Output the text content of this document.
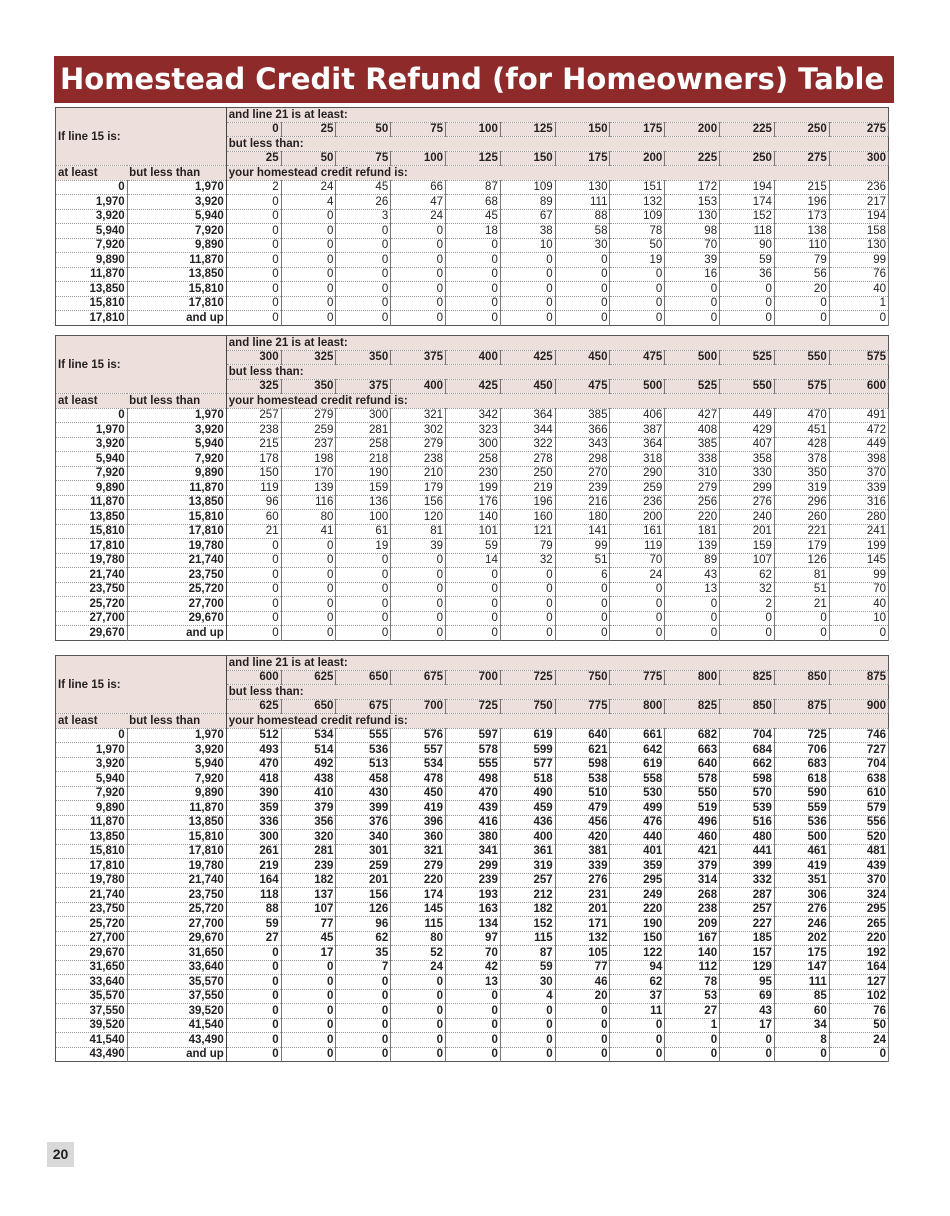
Homestead Credit Refund (for Homeowners) Table
If line 15 is:		and line 21 is at least:											
		0	25	50	75	100	125	150	175	200	225	250	275
		but less than:											
		25	50	75	100	125	150	175	200	225	250	275	300
at least	but less than	your homestead credit refund is:											
0	1,970	2	24	45	66	87	109	130	151	172	194	215	236
1,970	3,920	0	4	26	47	68	89	111	132	153	174	196	217
3,920	5,940	0	0	3	24	45	67	88	109	130	152	173	194
5,940	7,920	0	0	0	0	18	38	58	78	98	118	138	158
7,920	9,890	0	0	0	0	0	10	30	50	70	90	110	130
9,890	11,870	0	0	0	0	0	0	0	19	39	59	79	99
11,870	13,850	0	0	0	0	0	0	0	0	16	36	56	76
13,850	15,810	0	0	0	0	0	0	0	0	0	0	20	40
15,810	17,810	0	0	0	0	0	0	0	0	0	0	0	1
17,810	and up	0	0	0	0	0	0	0	0	0	0	0	0
If line 15 is:		and line 21 is at least:											
		300	325	350	375	400	425	450	475	500	525	550	575
		but less than:											
		325	350	375	400	425	450	475	500	525	550	575	600
at least	but less than	your homestead credit refund is:											
0	1,970	257	279	300	321	342	364	385	406	427	449	470	491
1,970	3,920	238	259	281	302	323	344	366	387	408	429	451	472
3,920	5,940	215	237	258	279	300	322	343	364	385	407	428	449
5,940	7,920	178	198	218	238	258	278	298	318	338	358	378	398
7,920	9,890	150	170	190	210	230	250	270	290	310	330	350	370
9,890	11,870	119	139	159	179	199	219	239	259	279	299	319	339
11,870	13,850	96	116	136	156	176	196	216	236	256	276	296	316
13,850	15,810	60	80	100	120	140	160	180	200	220	240	260	280
15,810	17,810	21	41	61	81	101	121	141	161	181	201	221	241
17,810	19,780	0	0	19	39	59	79	99	119	139	159	179	199
19,780	21,740	0	0	0	0	14	32	51	70	89	107	126	145
21,740	23,750	0	0	0	0	0	0	6	24	43	62	81	99
23,750	25,720	0	0	0	0	0	0	0	0	13	32	51	70
25,720	27,700	0	0	0	0	0	0	0	0	0	2	21	40
27,700	29,670	0	0	0	0	0	0	0	0	0	0	0	10
29,670	and up	0	0	0	0	0	0	0	0	0	0	0	0
If line 15 is:		and line 21 is at least:											
		600	625	650	675	700	725	750	775	800	825	850	875
		but less than:											
		625	650	675	700	725	750	775	800	825	850	875	900
at least	but less than	your homestead credit refund is:											
0	1,970	512	534	555	576	597	619	640	661	682	704	725	746
1,970	3,920	493	514	536	557	578	599	621	642	663	684	706	727
3,920	5,940	470	492	513	534	555	577	598	619	640	662	683	704
5,940	7,920	418	438	458	478	498	518	538	558	578	598	618	638
7,920	9,890	390	410	430	450	470	490	510	530	550	570	590	610
9,890	11,870	359	379	399	419	439	459	479	499	519	539	559	579
11,870	13,850	336	356	376	396	416	436	456	476	496	516	536	556
13,850	15,810	300	320	340	360	380	400	420	440	460	480	500	520
15,810	17,810	261	281	301	321	341	361	381	401	421	441	461	481
17,810	19,780	219	239	259	279	299	319	339	359	379	399	419	439
19,780	21,740	164	182	201	220	239	257	276	295	314	332	351	370
21,740	23,750	118	137	156	174	193	212	231	249	268	287	306	324
23,750	25,720	88	107	126	145	163	182	201	220	238	257	276	295
25,720	27,700	59	77	96	115	134	152	171	190	209	227	246	265
27,700	29,670	27	45	62	80	97	115	132	150	167	185	202	220
29,670	31,650	0	17	35	52	70	87	105	122	140	157	175	192
31,650	33,640	0	0	7	24	42	59	77	94	112	129	147	164
33,640	35,570	0	0	0	0	13	30	46	62	78	95	111	127
35,570	37,550	0	0	0	0	0	4	20	37	53	69	85	102
37,550	39,520	0	0	0	0	0	0	0	11	27	43	60	76
39,520	41,540	0	0	0	0	0	0	0	0	1	17	34	50
41,540	43,490	0	0	0	0	0	0	0	0	0	0	8	24
43,490	and up	0	0	0	0	0	0	0	0	0	0	0	0
20
